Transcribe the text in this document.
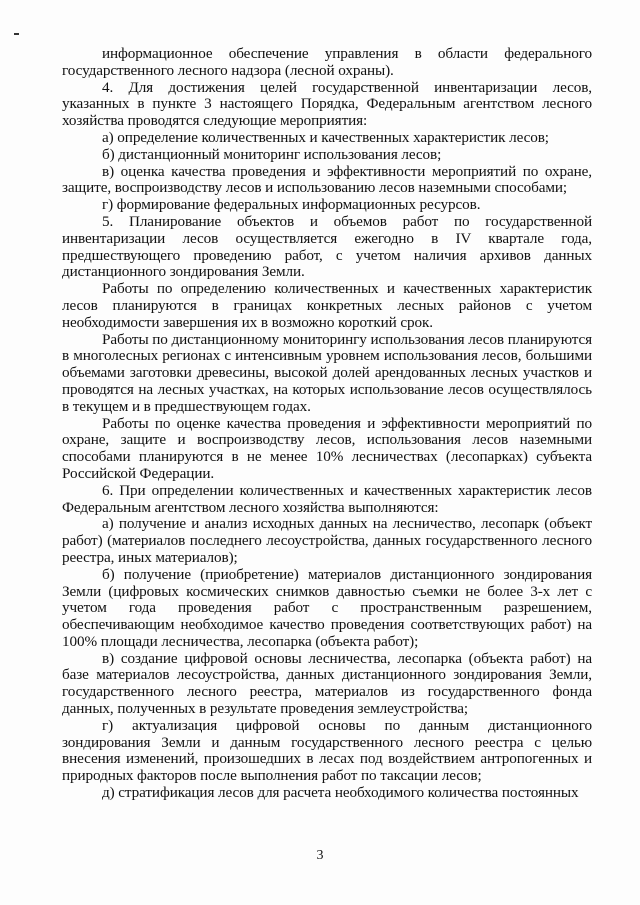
информационное обеспечение управления в области федерального государственного лесного надзора (лесной охраны).

4. Для достижения целей государственной инвентаризации лесов, указанных в пункте 3 настоящего Порядка, Федеральным агентством лесного хозяйства проводятся следующие мероприятия:

а) определение количественных и качественных характеристик лесов;

б) дистанционный мониторинг использования лесов;

в) оценка качества проведения и эффективности мероприятий по охране, защите, воспроизводству лесов и использованию лесов наземными способами;

г) формирование федеральных информационных ресурсов.

5. Планирование объектов и объемов работ по государственной инвентаризации лесов осуществляется ежегодно в IV квартале года, предшествующего проведению работ, с учетом наличия архивов данных дистанционного зондирования Земли.

Работы по определению количественных и качественных характеристик лесов планируются в границах конкретных лесных районов с учетом необходимости завершения их в возможно короткий срок.

Работы по дистанционному мониторингу использования лесов планируются в многолесных регионах с интенсивным уровнем использования лесов, большими объемами заготовки древесины, высокой долей арендованных лесных участков и проводятся на лесных участках, на которых использование лесов осуществлялось в текущем и в предшествующем годах.

Работы по оценке качества проведения и эффективности мероприятий по охране, защите и воспроизводству лесов, использования лесов наземными способами планируются в не менее 10% лесничествах (лесопарках) субъекта Российской Федерации.

6. При определении количественных и качественных характеристик лесов Федеральным агентством лесного хозяйства выполняются:

а) получение и анализ исходных данных на лесничество, лесопарк (объект работ) (материалов последнего лесоустройства, данных государственного лесного реестра, иных материалов);

б) получение (приобретение) материалов дистанционного зондирования Земли (цифровых космических снимков давностью съемки не более 3-х лет с учетом года проведения работ с пространственным разрешением, обеспечивающим необходимое качество проведения соответствующих работ) на 100% площади лесничества, лесопарка (объекта работ);

в) создание цифровой основы лесничества, лесопарка (объекта работ) на базе материалов лесоустройства, данных дистанционного зондирования Земли, государственного лесного реестра, материалов из государственного фонда данных, полученных в результате проведения землеустройства;

г) актуализация цифровой основы по данным дистанционного зондирования Земли и данным государственного лесного реестра с целью внесения изменений, произошедших в лесах под воздействием антропогенных и природных факторов после выполнения работ по таксации лесов;

д) стратификация лесов для расчета необходимого количества постоянных

3
